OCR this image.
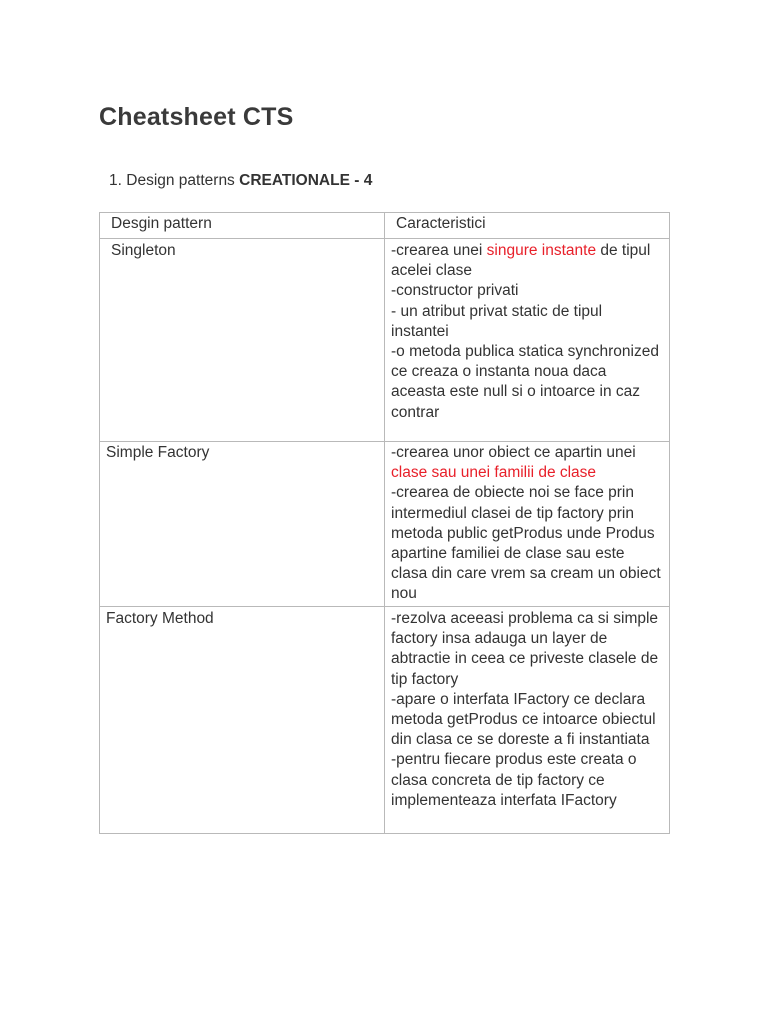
Cheatsheet CTS

1. Design patterns CREATIONALE - 4

Desgin pattern	Caracteristici
Singleton	-crearea unei singure instante de tipul acelei clase
-constructor privati
- un atribut privat static de tipul instantei
-o metoda publica statica synchronized ce creaza o instanta noua daca aceasta este null si o intoarce in caz contrar

Simple Factory	-crearea unor obiect ce apartin unei clase sau unei familii de clase
-crearea de obiecte noi se face prin intermediul clasei de tip factory prin metoda public getProdus unde Produs apartine familiei de clase sau este clasa din care vrem sa cream un obiect nou

Factory Method	-rezolva aceeasi problema ca si simple factory insa adauga un layer de abtractie in ceea ce priveste clasele de tip factory
-apare o interfata IFactory ce declara metoda getProdus ce intoarce obiectul din clasa ce se doreste a fi instantiata
-pentru fiecare produs este creata o clasa concreta de tip factory ce implementeaza interfata IFactory
